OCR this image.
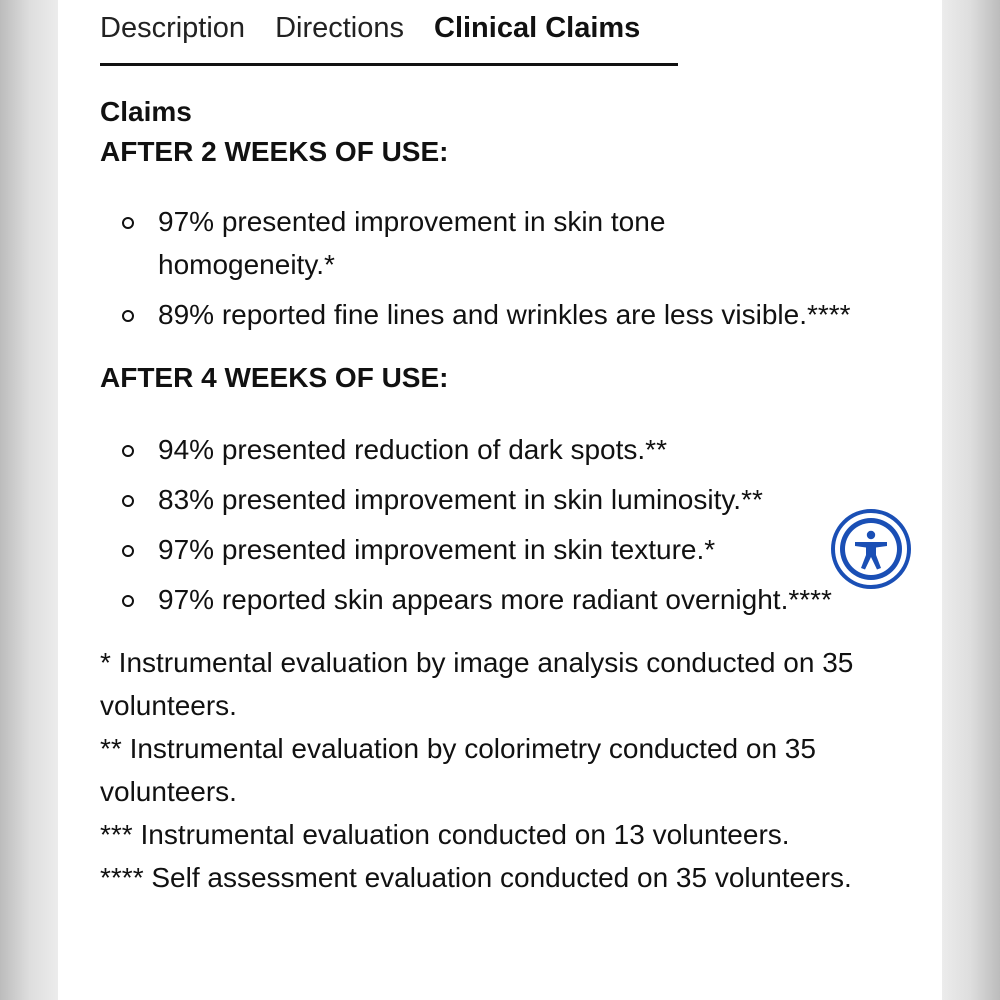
Description Directions Clinical Claims
Claims
AFTER 2 WEEKS OF USE:
97% presented improvement in skin tone homogeneity.*
89% reported fine lines and wrinkles are less visible.****
AFTER 4 WEEKS OF USE:
94% presented reduction of dark spots.**
83% presented improvement in skin luminosity.**
97% presented improvement in skin texture.*
97% reported skin appears more radiant overnight.****

* Instrumental evaluation by image analysis conducted on 35 volunteers.

** Instrumental evaluation by colorimetry conducted on 35 volunteers.

*** Instrumental evaluation conducted on 13 volunteers.

**** Self assessment evaluation conducted on 35 volunteers.
